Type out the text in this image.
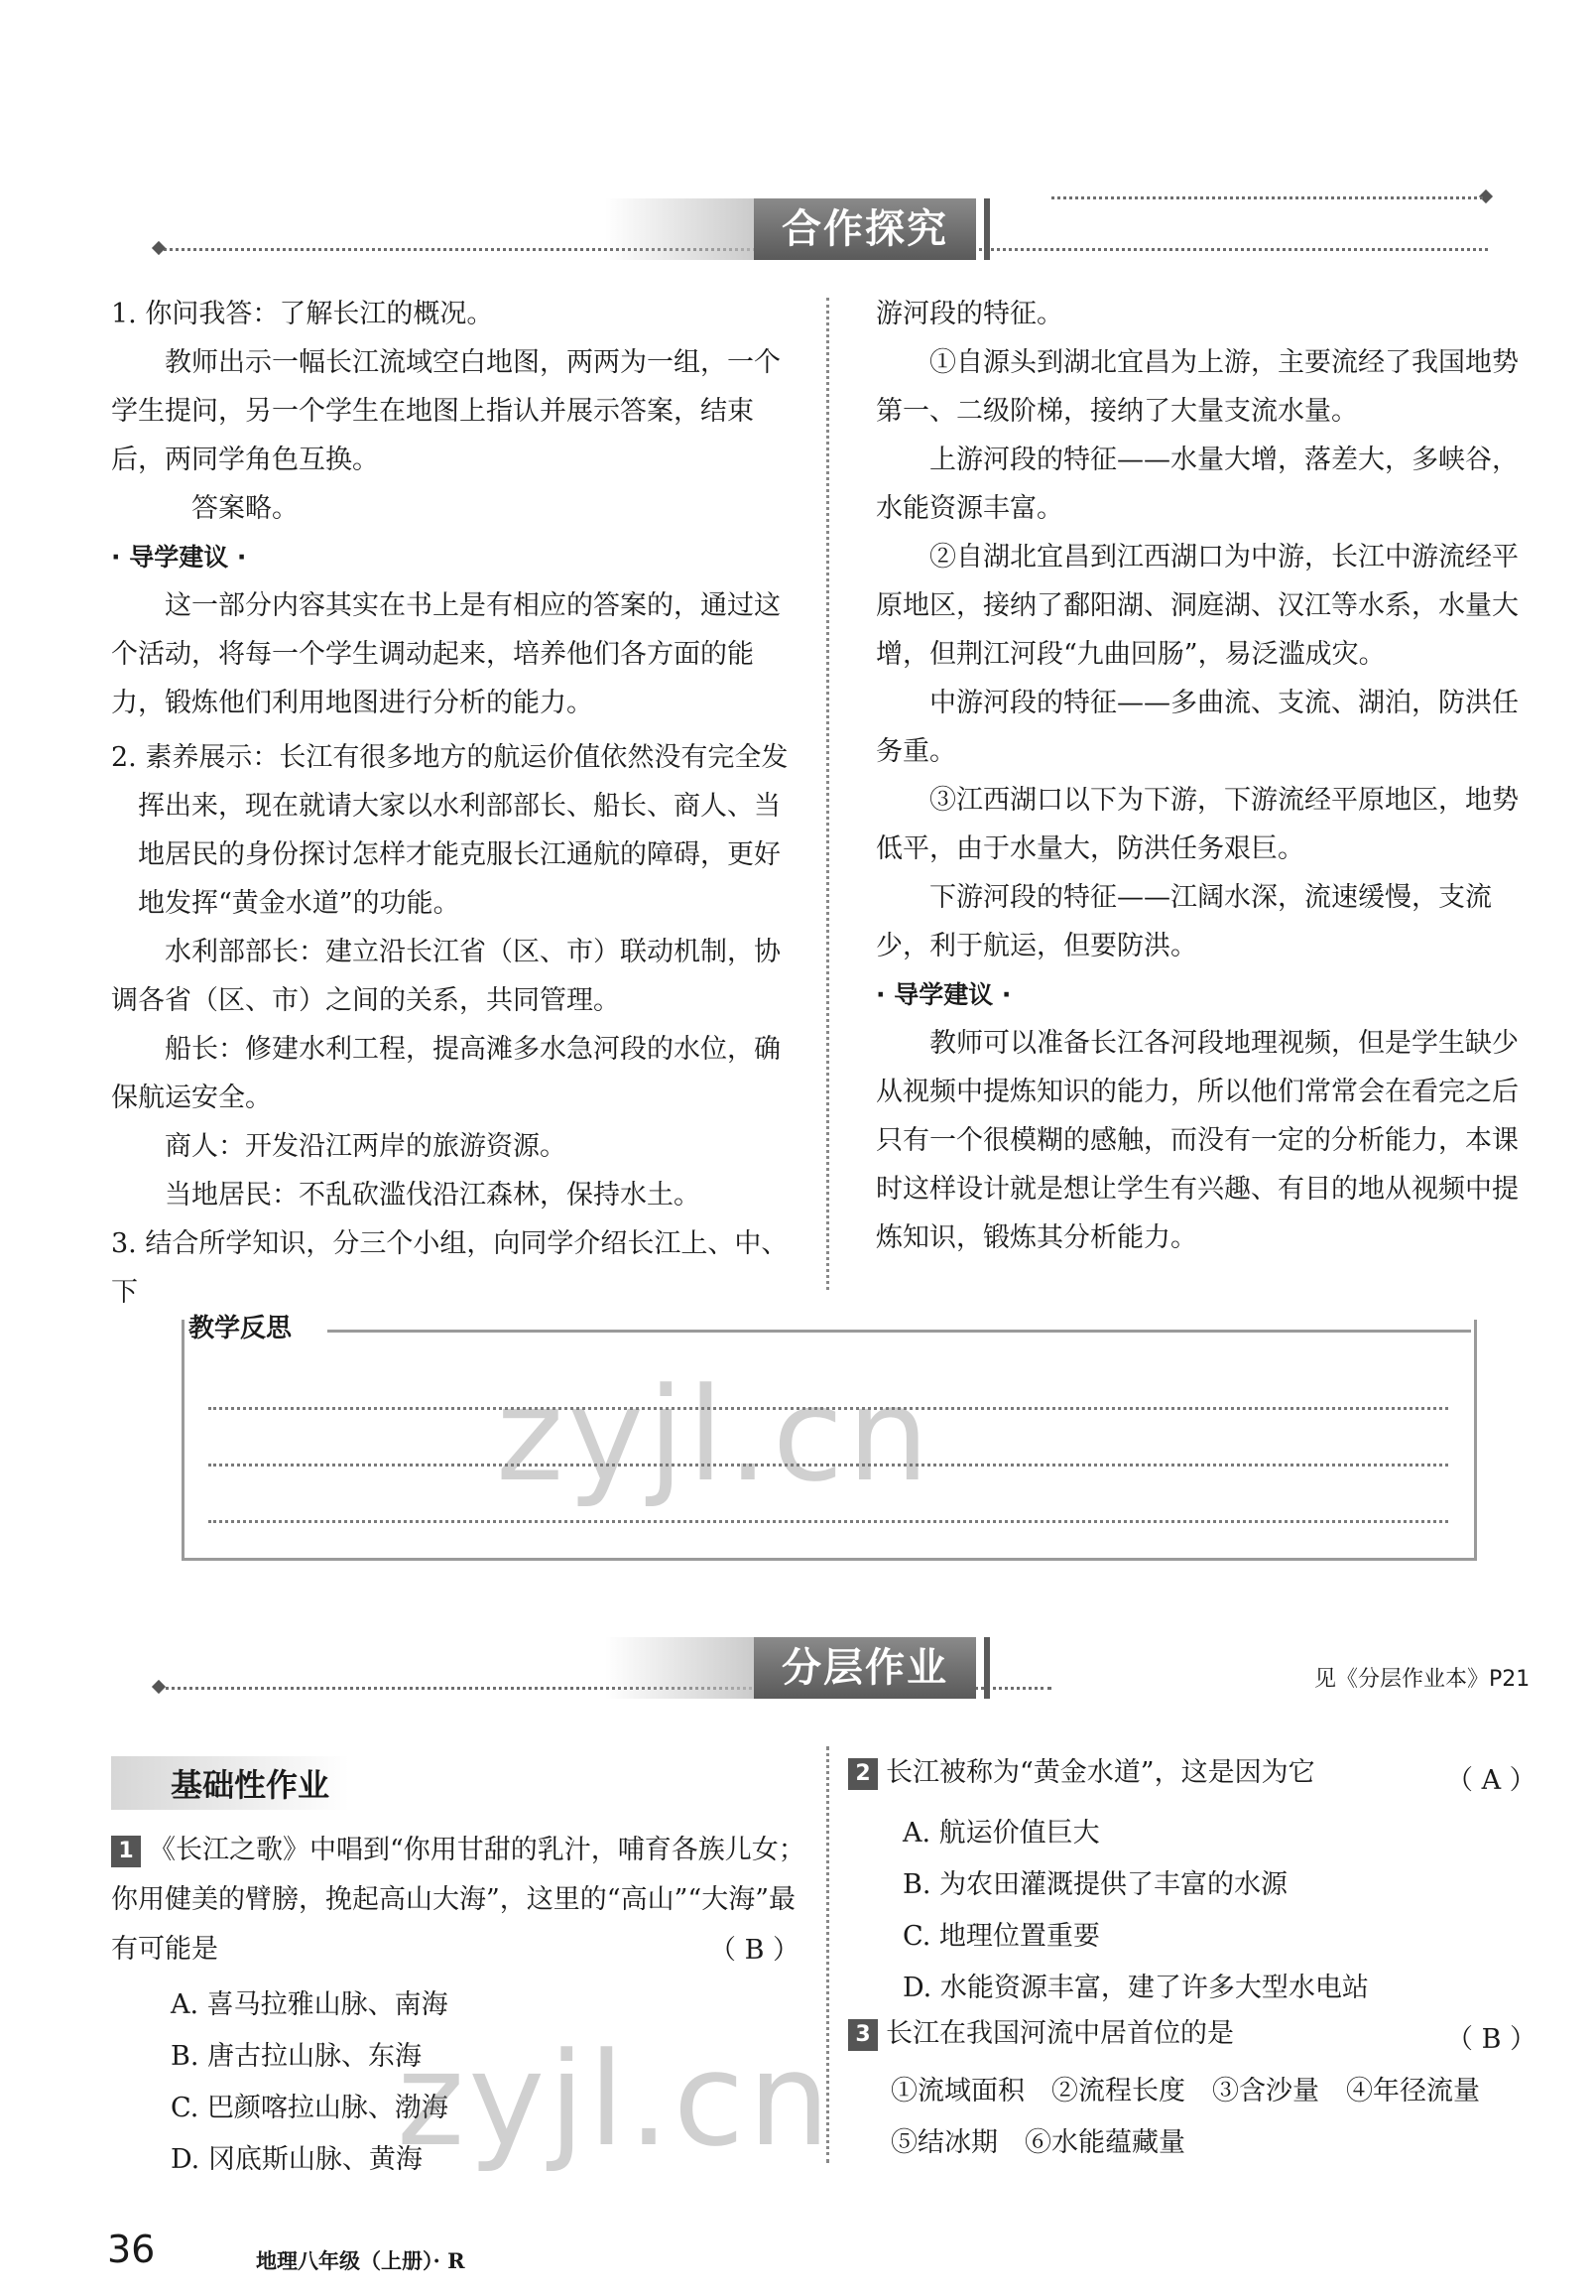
合作探究

1. 你问我答：了解长江的概况。

教师出示一幅长江流域空白地图，两两为一组，一个学生提问，另一个学生在地图上指认并展示答案，结束后，两同学角色互换。

答案略。

· 导学建议 ·

这一部分内容其实在书上是有相应的答案的，通过这个活动，将每一个学生调动起来，培养他们各方面的能力，锻炼他们利用地图进行分析的能力。

2. 素养展示：长江有很多地方的航运价值依然没有完全发挥出来，现在就请大家以水利部部长、船长、商人、当地居民的身份探讨怎样才能克服长江通航的障碍，更好地发挥“黄金水道”的功能。

水利部部长：建立沿长江省（区、市）联动机制，协调各省（区、市）之间的关系，共同管理。

船长：修建水利工程，提高滩多水急河段的水位，确保航运安全。

商人：开发沿江两岸的旅游资源。

当地居民：不乱砍滥伐沿江森林，保持水土。

3. 结合所学知识，分三个小组，向同学介绍长江上、中、下

游河段的特征。

①自源头到湖北宜昌为上游，主要流经了我国地势第一、二级阶梯，接纳了大量支流水量。

上游河段的特征——水量大增，落差大，多峡谷，水能资源丰富。

②自湖北宜昌到江西湖口为中游，长江中游流经平原地区，接纳了鄱阳湖、洞庭湖、汉江等水系，水量大增，但荆江河段“九曲回肠”，易泛滥成灾。

中游河段的特征——多曲流、支流、湖泊，防洪任务重。

③江西湖口以下为下游，下游流经平原地区，地势低平，由于水量大，防洪任务艰巨。

下游河段的特征——江阔水深，流速缓慢，支流少，利于航运，但要防洪。

· 导学建议 ·

教师可以准备长江各河段地理视频，但是学生缺少从视频中提炼知识的能力，所以他们常常会在看完之后只有一个很模糊的感触，而没有一定的分析能力，本课时这样设计就是想让学生有兴趣、有目的地从视频中提炼知识，锻炼其分析能力。

教学反思
zyjl.cn
分层作业	见《分层作业本》P21
基础性作业
1 《长江之歌》中唱到“你用甘甜的乳汁，哺育各族儿女；你用健美的臂膀，挽起高山大海”，这里的“高山”“大海”最有可能是	（ B ）
A. 喜马拉雅山脉、南海
B. 唐古拉山脉、东海
C. 巴颜喀拉山脉、渤海
D. 冈底斯山脉、黄海
2 长江被称为“黄金水道”，这是因为它	（ A ）
A. 航运价值巨大
B. 为农田灌溉提供了丰富的水源
C. 地理位置重要
D. 水能资源丰富，建了许多大型水电站
3 长江在我国河流中居首位的是	（ B ）
①流域面积　②流程长度　③含沙量　④年径流量
⑤结冰期　⑥水能蕴藏量
zyjl.cn
36	地理八年级（上册）· R
